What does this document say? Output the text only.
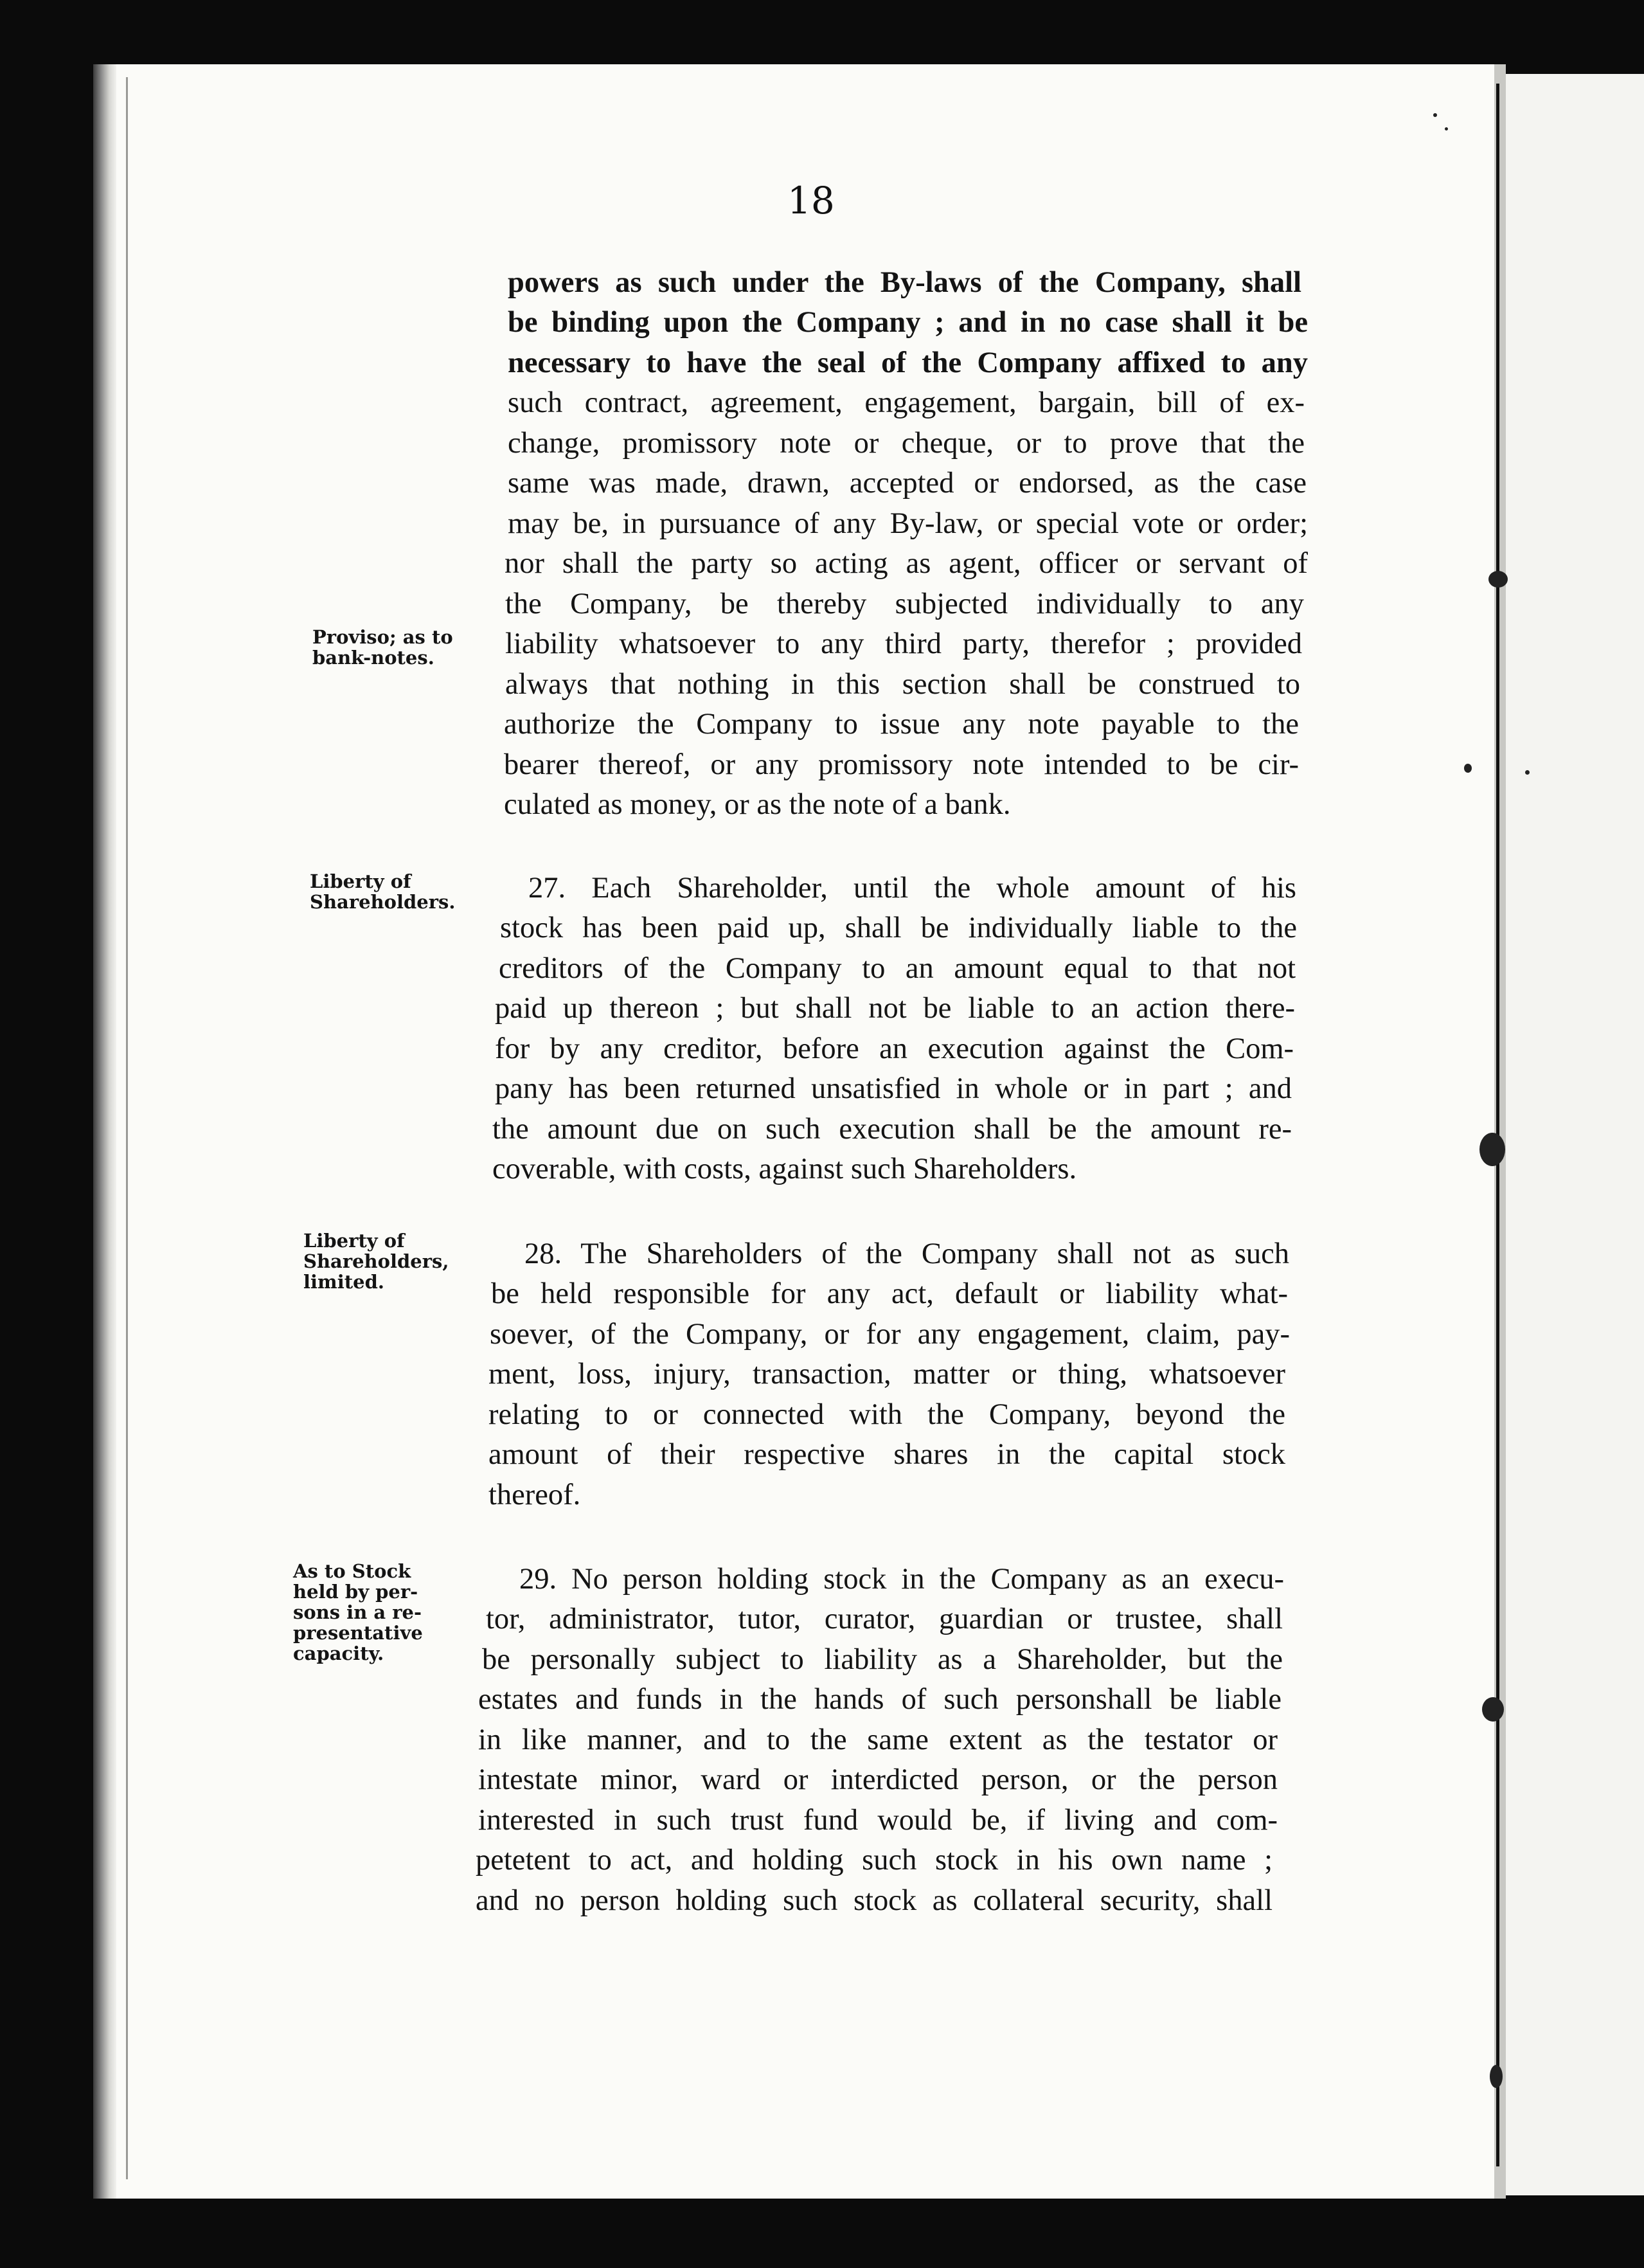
18
powers as such under the By-laws of the Company, shall
be binding upon the Company ; and in no case shall it be
necessary to have the seal of the Company affixed to any
such contract, agreement, engagement, bargain, bill of ex-
change, promissory note or cheque, or to prove that the
same was made, drawn, accepted or endorsed, as the case
may be, in pursuance of any By-law, or special vote or order;
nor shall the party so acting as agent, officer or servant of
the Company, be thereby subjected individually to any
liability whatsoever to any third party, therefor ; provided
always that nothing in this section shall be construed to
authorize the Company to issue any note payable to the
bearer thereof, or any promissory note intended to be cir-
culated as money, or as the note of a bank.
27. Each Shareholder, until the whole amount of his
stock has been paid up, shall be individually liable to the
creditors of the Company to an amount equal to that not
paid up thereon ; but shall not be liable to an action there-
for by any creditor, before an execution against the Com-
pany has been returned unsatisfied in whole or in part ; and
the amount due on such execution shall be the amount re-
coverable, with costs, against such Shareholders.
28. The Shareholders of the Company shall not as such
be held responsible for any act, default or liability what-
soever, of the Company, or for any engagement, claim, pay-
ment, loss, injury, transaction, matter or thing, whatsoever
relating to or connected with the Company, beyond the
amount of their respective shares in the capital stock
thereof.
29. No person holding stock in the Company as an execu-
tor, administrator, tutor, curator, guardian or trustee, shall
be personally subject to liability as a Shareholder, but the
estates and funds in the hands of such personshall be liable
in like manner, and to the same extent as the testator or
intestate minor, ward or interdicted person, or the person
interested in such trust fund would be, if living and com-
petetent to act, and holding such stock in his own name ;
and no person holding such stock as collateral security, shall
Proviso; as to
bank-notes.
Liberty of
Shareholders.
Liberty of
Shareholders,
limited.
As to Stock
held by per-
sons in a re-
presentative
capacity.
